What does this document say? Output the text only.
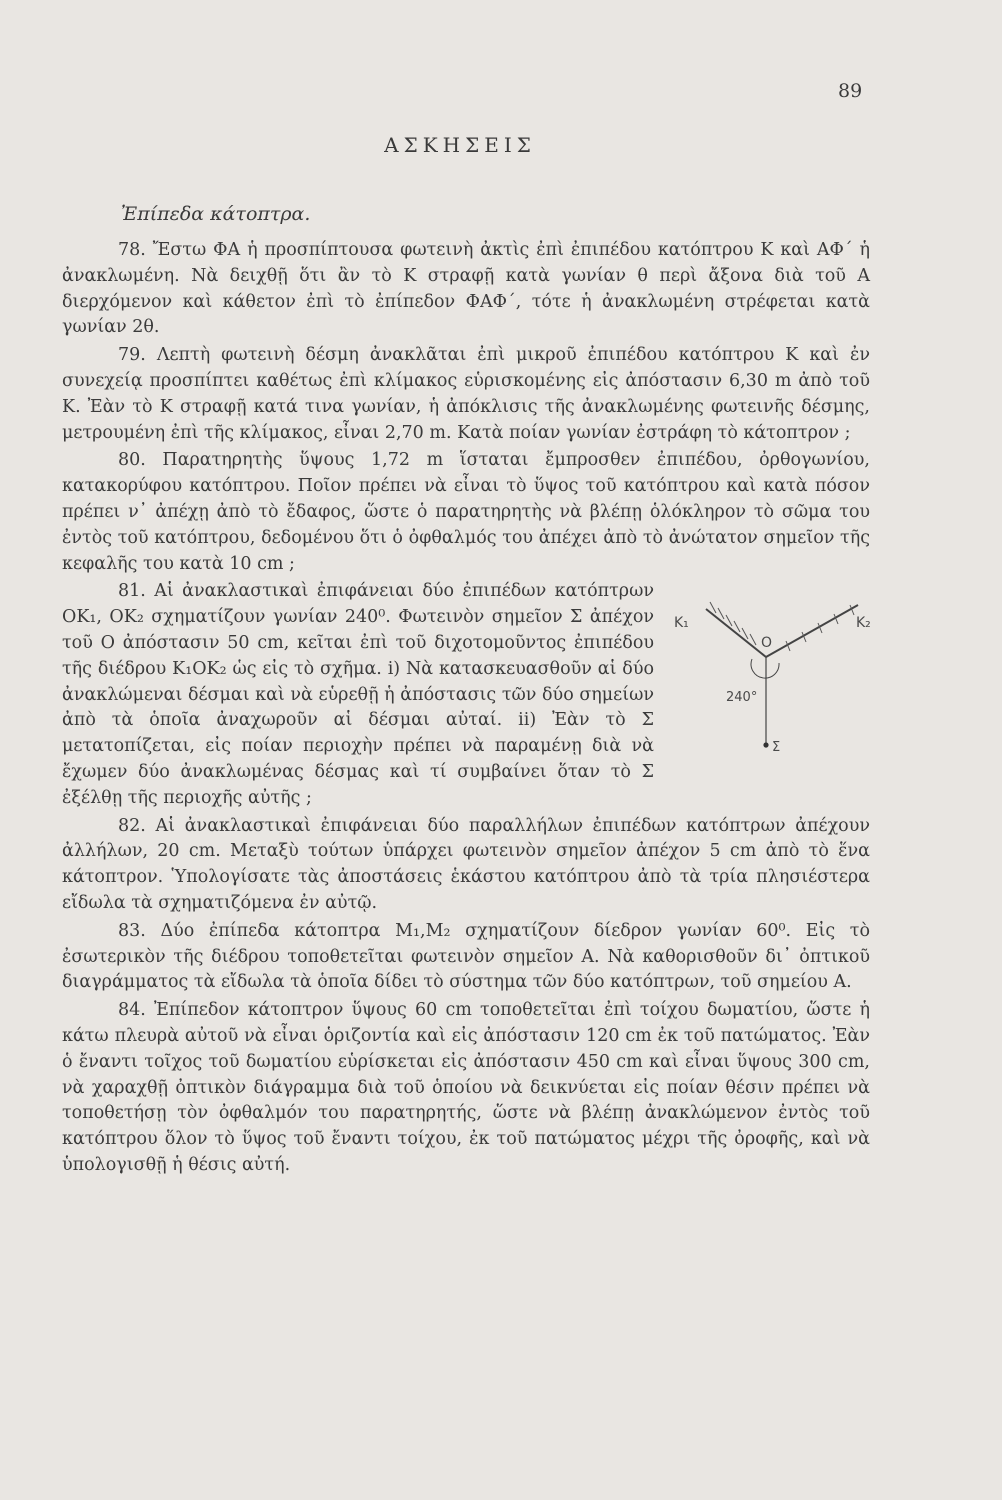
89
ΑΣΚΗΣΕΙΣ
Ἐπίπεδα κάτοπτρα.

78. Ἔστω ΦΑ ἡ προσπίπτουσα φωτεινὴ ἀκτὶς ἐπὶ ἐπιπέδου κατόπτρου Κ καὶ ΑΦ΄ ἡ ἀνακλωμένη. Νὰ δειχθῇ ὅτι ἂν τὸ Κ στραφῇ κατὰ γωνίαν θ περὶ ἄξονα διὰ τοῦ Α διερχόμενον καὶ κάθετον ἐπὶ τὸ ἐπίπεδον ΦΑΦ΄, τότε ἡ ἀνακλωμένη στρέφεται κατὰ γωνίαν 2θ.

79. Λεπτὴ φωτεινὴ δέσμη ἀνακλᾶται ἐπὶ μικροῦ ἐπιπέδου κατόπτρου Κ καὶ ἐν συνεχείᾳ προσπίπτει καθέτως ἐπὶ κλίμακος εὑρισκομένης εἰς ἀπόστασιν 6,30 m ἀπὸ τοῦ Κ. Ἐὰν τὸ Κ στραφῇ κατά τινα γωνίαν, ἡ ἀπόκλισις τῆς ἀνακλωμένης φωτεινῆς δέσμης, μετρουμένη ἐπὶ τῆς κλίμακος, εἶναι 2,70 m. Κατὰ ποίαν γωνίαν ἐστράφη τὸ κάτοπτρον ;

80. Παρατηρητὴς ὕψους 1,72 m ἵσταται ἔμπροσθεν ἐπιπέδου, ὀρθογωνίου, κατακορύφου κατόπτρου. Ποῖον πρέπει νὰ εἶναι τὸ ὕψος τοῦ κατόπτρου καὶ κατὰ πόσον πρέπει ν᾽ ἀπέχῃ ἀπὸ τὸ ἔδαφος, ὥστε ὁ παρατηρητὴς νὰ βλέπῃ ὁλόκληρον τὸ σῶμα του ἐντὸς τοῦ κατόπτρου, δεδομένου ὅτι ὁ ὀφθαλμός του ἀπέχει ἀπὸ τὸ ἀνώτατον σημεῖον τῆς κεφαλῆς του κατὰ 10 cm ;

K₁	K₂
O
240°
Σ

81. Αἱ ἀνακλαστικαὶ ἐπιφάνειαι δύο ἐπιπέδων κατόπτρων ΟΚ₁, ΟΚ₂ σχηματίζουν γωνίαν 240⁰. Φωτεινὸν σημεῖον Σ ἀπέχον τοῦ Ο ἀπόστασιν 50 cm, κεῖται ἐπὶ τοῦ διχοτομοῦντος ἐπιπέδου τῆς διέδρου Κ₁ΟΚ₂ ὡς εἰς τὸ σχῆμα. i) Νὰ κατασκευασθοῦν αἱ δύο ἀνακλώμεναι δέσμαι καὶ νὰ εὑρεθῇ ἡ ἀπόστασις τῶν δύο σημείων ἀπὸ τὰ ὁποῖα ἀναχωροῦν αἱ δέσμαι αὐταί. ii) Ἐὰν τὸ Σ μετατοπίζεται, εἰς ποίαν περιοχὴν πρέπει νὰ παραμένῃ διὰ νὰ ἔχωμεν δύο ἀνακλωμένας δέσμας καὶ τί συμβαίνει ὅταν τὸ Σ ἐξέλθῃ τῆς περιοχῆς αὐτῆς ;

82. Αἱ ἀνακλαστικαὶ ἐπιφάνειαι δύο παραλλήλων ἐπιπέδων κατόπτρων ἀπέχουν ἀλλήλων, 20 cm. Μεταξὺ τούτων ὑπάρχει φωτεινὸν σημεῖον ἀπέχον 5 cm ἀπὸ τὸ ἕνα κάτοπτρον. Ὑπολογίσατε τὰς ἀποστάσεις ἑκάστου κατόπτρου ἀπὸ τὰ τρία πλησιέστερα εἴδωλα τὰ σχηματιζόμενα ἐν αὐτῷ.

83. Δύο ἐπίπεδα κάτοπτρα Μ₁,Μ₂ σχηματίζουν δίεδρον γωνίαν 60⁰. Εἰς τὸ ἐσωτερικὸν τῆς διέδρου τοποθετεῖται φωτεινὸν σημεῖον Α. Νὰ καθορισθοῦν δι᾽ ὀπτικοῦ διαγράμματος τὰ εἴδωλα τὰ ὁποῖα δίδει τὸ σύστημα τῶν δύο κατόπτρων, τοῦ σημείου Α.

84. Ἐπίπεδον κάτοπτρον ὕψους 60 cm τοποθετεῖται ἐπὶ τοίχου δωματίου, ὥστε ἡ κάτω πλευρὰ αὐτοῦ νὰ εἶναι ὁριζοντία καὶ εἰς ἀπόστασιν 120 cm ἐκ τοῦ πατώματος. Ἐὰν ὁ ἔναντι τοῖχος τοῦ δωματίου εὑρίσκεται εἰς ἀπόστασιν 450 cm καὶ εἶναι ὕψους 300 cm, νὰ χαραχθῇ ὀπτικὸν διάγραμμα διὰ τοῦ ὁποίου νὰ δεικνύεται εἰς ποίαν θέσιν πρέπει νὰ τοποθετήσῃ τὸν ὀφθαλμόν του παρατηρητής, ὥστε νὰ βλέπῃ ἀνακλώμενον ἐντὸς τοῦ κατόπτρου ὅλον τὸ ὕψος τοῦ ἔναντι τοίχου, ἐκ τοῦ πατώματος μέχρι τῆς ὀροφῆς, καὶ νὰ ὑπολογισθῇ ἡ θέσις αὐτή.
